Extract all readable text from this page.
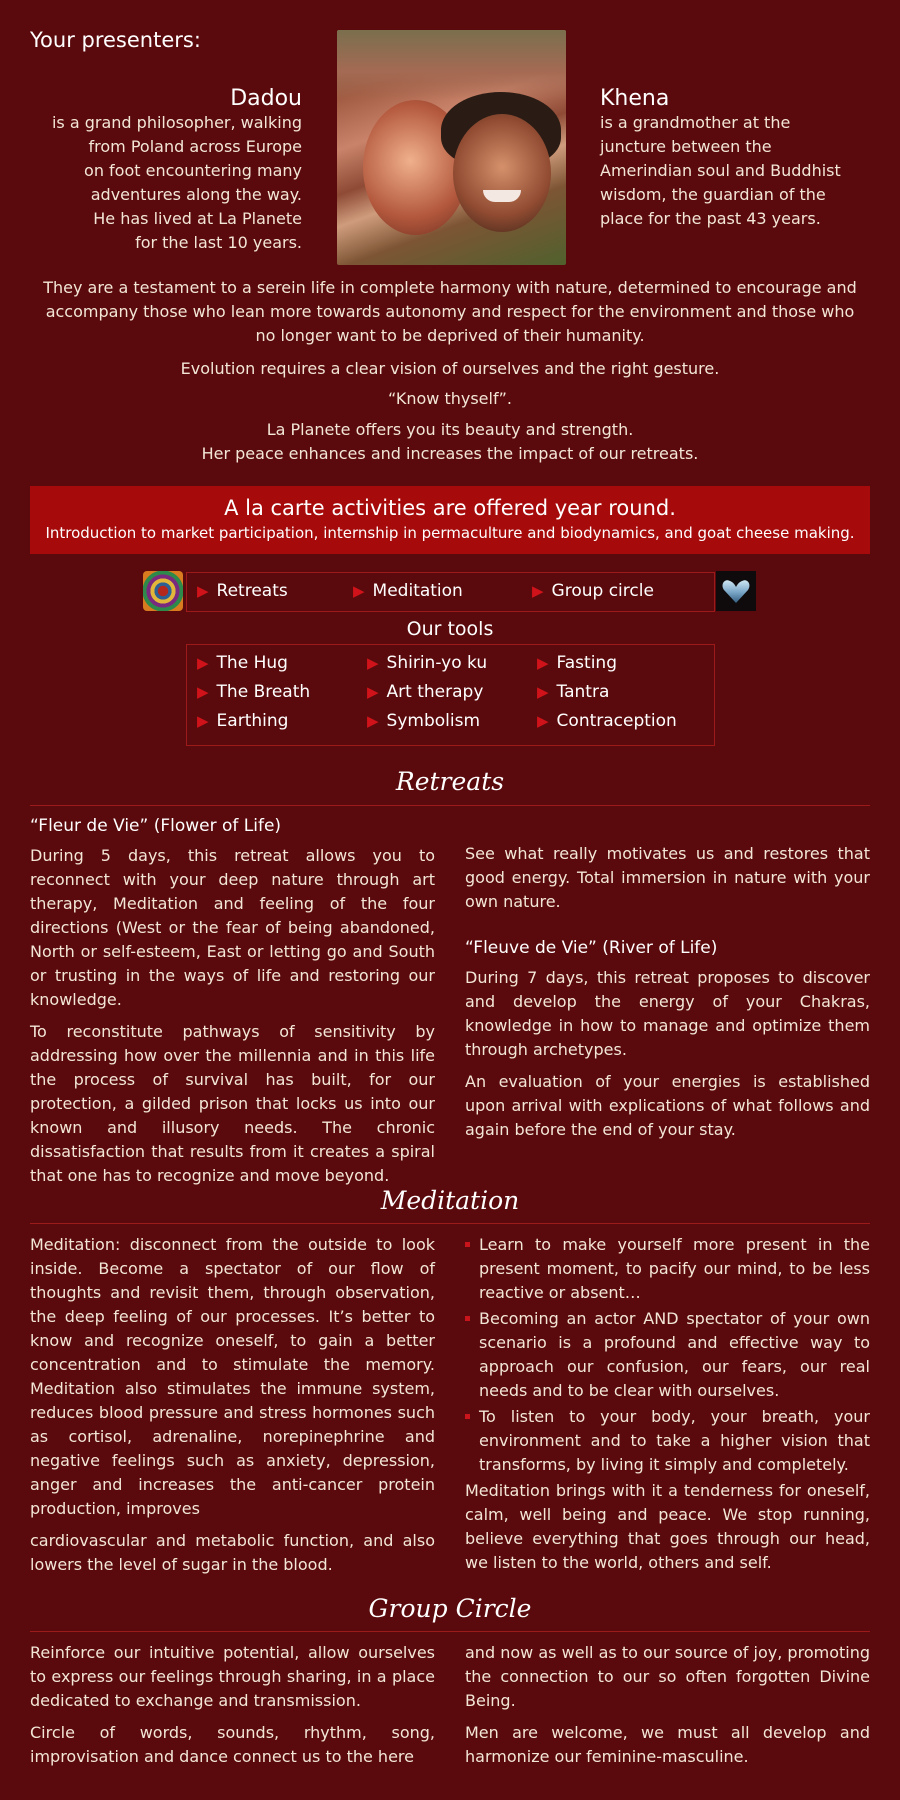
Your presenters:
Dadou
is a grand philosopher, walking
from Poland across Europe
on foot encountering many
adventures along the way.
He has lived at La Planete
for the last 10 years.
Khena
is a grandmother at the
juncture between the
Amerindian soul and Buddhist
wisdom, the guardian of the
place for the past 43 years.
They are a testament to a serein life in complete harmony with nature, determined to encourage and accompany those who lean more towards autonomy and respect for the environment and those who no longer want to be deprived of their humanity.
Evolution requires a clear vision of ourselves and the right gesture.
“Know thyself”.
La Planete offers you its beauty and strength.
Her peace enhances and increases the impact of our retreats.
A la carte activities are offered year round.
Introduction to market participation, internship in permaculture and biodynamics, and goat cheese making.
▶ Retreats	▶ Meditation	▶ Group circle
Our tools
▶ The Hug	▶ Shirin-yo ku	▶ Fasting
▶ The Breath	▶ Art therapy	▶ Tantra
▶ Earthing	▶ Symbolism	▶ Contraception
Retreats
“Fleur de Vie” (Flower of Life)

During 5 days, this retreat allows you to reconnect with your deep nature through art therapy, Meditation and feeling of the four directions (West or the fear of being abandoned, North or self-esteem, East or letting go and South or trusting in the ways of life and restoring our knowledge.

To reconstitute pathways of sensitivity by addressing how over the millennia and in this life the process of survival has built, for our protection, a gilded prison that locks us into our known and illusory needs. The chronic dissatisfaction that results from it creates a spiral that one has to recognize and move beyond.

See what really motivates us and restores that good energy. Total immersion in nature with your own nature.

“Fleuve de Vie” (River of Life)

During 7 days, this retreat proposes to discover and develop the energy of your Chakras, knowledge in how to manage and optimize them through archetypes.

An evaluation of your energies is established upon arrival with explications of what follows and again before the end of your stay.

Meditation

Meditation: disconnect from the outside to look inside. Become a spectator of our flow of thoughts and revisit them, through observation, the deep feeling of our processes. It’s better to know and recognize oneself, to gain a better concentration and to stimulate the memory. Meditation also stimulates the immune system, reduces blood pressure and stress hormones such as cortisol, adrenaline, norepinephrine and negative feelings such as anxiety, depression, anger and increases the anti-cancer protein production, improves

cardiovascular and metabolic function, and also lowers the level of sugar in the blood.

Learn to make yourself more present in the present moment, to pacify our mind, to be less reactive or absent…
Becoming an actor AND spectator of your own scenario is a profound and effective way to approach our confusion, our fears, our real needs and to be clear with ourselves.
To listen to your body, your breath, your environment and to take a higher vision that transforms, by living it simply and completely.

Meditation brings with it a tenderness for oneself, calm, well being and peace. We stop running, believe everything that goes through our head, we listen to the world, others and self.

Group Circle

Reinforce our intuitive potential, allow ourselves to express our feelings through sharing, in a place dedicated to exchange and transmission.

Circle of words, sounds, rhythm, song, improvisation and dance connect us to the here

and now as well as to our source of joy, promoting the connection to our so often forgotten Divine Being.

Men are welcome, we must all develop and harmonize our feminine-masculine.
